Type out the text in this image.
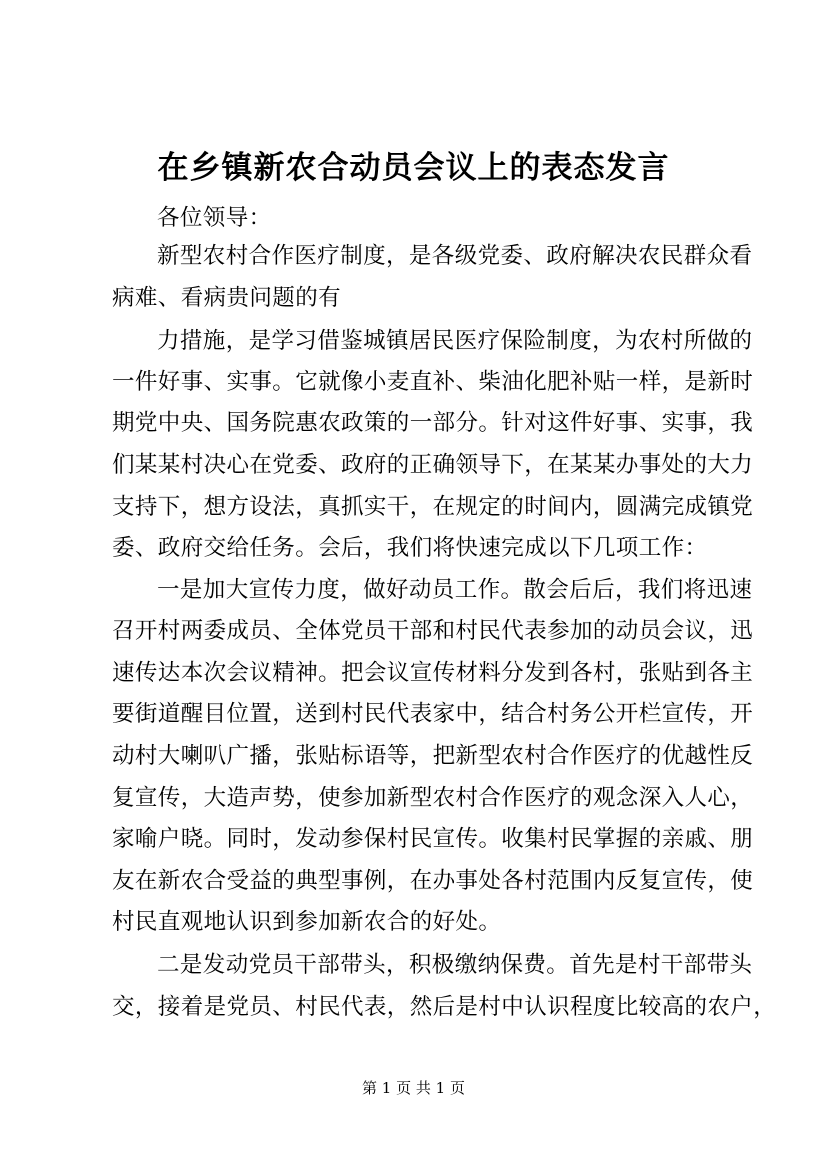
在乡镇新农合动员会议上的表态发言
各位领导：
新型农村合作医疗制度，是各级党委、政府解决农民群众看
病难、看病贵问题的有
力措施，是学习借鉴城镇居民医疗保险制度，为农村所做的
一件好事、实事。它就像小麦直补、柴油化肥补贴一样，是新时
期党中央、国务院惠农政策的一部分。针对这件好事、实事，我
们某某村决心在党委、政府的正确领导下，在某某办事处的大力
支持下，想方设法，真抓实干，在规定的时间内，圆满完成镇党
委、政府交给任务。会后，我们将快速完成以下几项工作：
一是加大宣传力度，做好动员工作。散会后后，我们将迅速
召开村两委成员、全体党员干部和村民代表参加的动员会议，迅
速传达本次会议精神。把会议宣传材料分发到各村，张贴到各主
要街道醒目位置，送到村民代表家中，结合村务公开栏宣传，开
动村大喇叭广播，张贴标语等，把新型农村合作医疗的优越性反
复宣传，大造声势，使参加新型农村合作医疗的观念深入人心，
家喻户晓。同时，发动参保村民宣传。收集村民掌握的亲戚、朋
友在新农合受益的典型事例，在办事处各村范围内反复宣传，使
村民直观地认识到参加新农合的好处。
二是发动党员干部带头，积极缴纳保费。首先是村干部带头
交，接着是党员、村民代表，然后是村中认识程度比较高的农户，
第 1 页 共 1 页
